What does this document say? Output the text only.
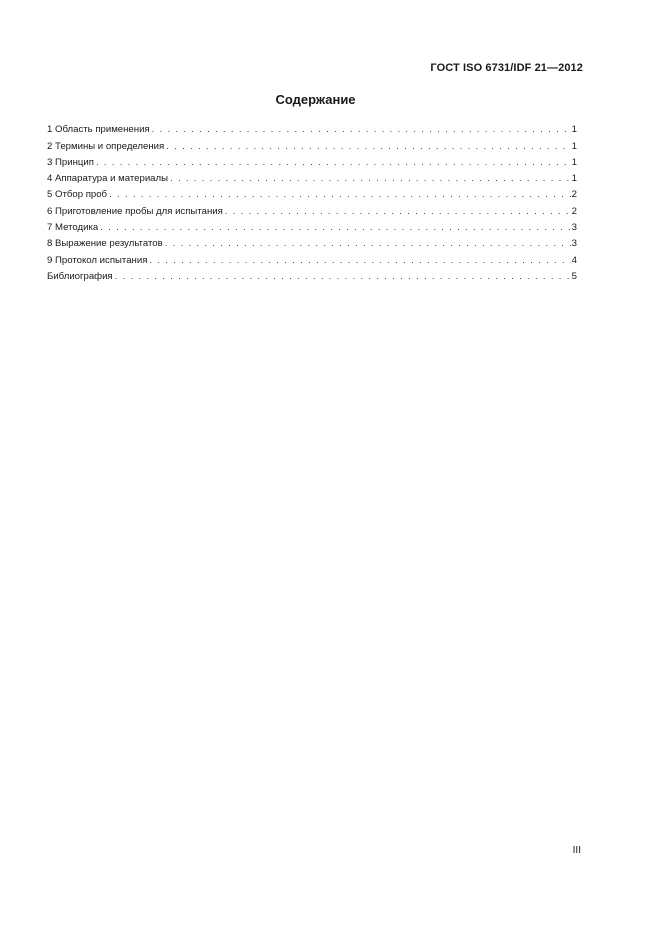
ГОСТ ISO 6731/IDF 21—2012
Содержание
1 Область применения . . .	1
2 Термины и определения . . .	1
3 Принцип . . .	1
4 Аппаратура и материалы . . .	1
5 Отбор проб . . .	2
6 Приготовление пробы для испытания . . .	2
7 Методика . . .	3
8 Выражение результатов . . .	3
9 Протокол испытания . . .	4
Библиография . . .	5
III
